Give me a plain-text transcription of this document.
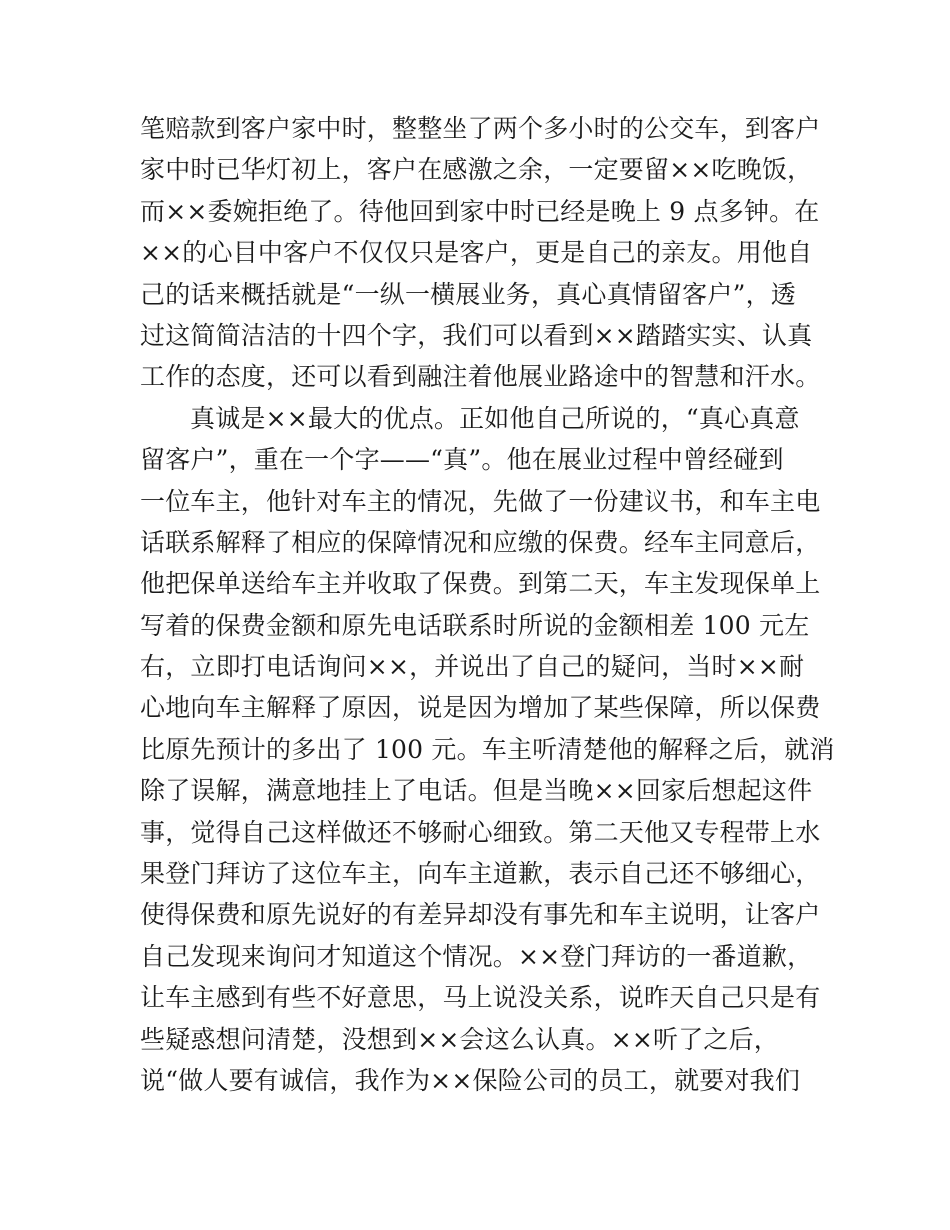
笔赔款到客户家中时，整整坐了两个多小时的公交车，到客户
家中时已华灯初上，客户在感激之余，一定要留××吃晚饭，
而××委婉拒绝了。待他回到家中时已经是晚上 9 点多钟。在
××的心目中客户不仅仅只是客户，更是自己的亲友。用他自
己的话来概括就是“一纵一横展业务，真心真情留客户”，透
过这简简洁洁的十四个字，我们可以看到××踏踏实实、认真
工作的态度，还可以看到融注着他展业路途中的智慧和汗水。
真诚是××最大的优点。正如他自己所说的，“真心真意
留客户”，重在一个字——“真”。他在展业过程中曾经碰到
一位车主，他针对车主的情况，先做了一份建议书，和车主电
话联系解释了相应的保障情况和应缴的保费。经车主同意后，
他把保单送给车主并收取了保费。到第二天，车主发现保单上
写着的保费金额和原先电话联系时所说的金额相差 100 元左
右，立即打电话询问××，并说出了自己的疑问，当时××耐
心地向车主解释了原因，说是因为增加了某些保障，所以保费
比原先预计的多出了 100 元。车主听清楚他的解释之后，就消
除了误解，满意地挂上了电话。但是当晚××回家后想起这件
事，觉得自己这样做还不够耐心细致。第二天他又专程带上水
果登门拜访了这位车主，向车主道歉，表示自己还不够细心，
使得保费和原先说好的有差异却没有事先和车主说明，让客户
自己发现来询问才知道这个情况。××登门拜访的一番道歉，
让车主感到有些不好意思，马上说没关系，说昨天自己只是有
些疑惑想问清楚，没想到××会这么认真。××听了之后，
说“做人要有诚信，我作为××保险公司的员工，就要对我们
